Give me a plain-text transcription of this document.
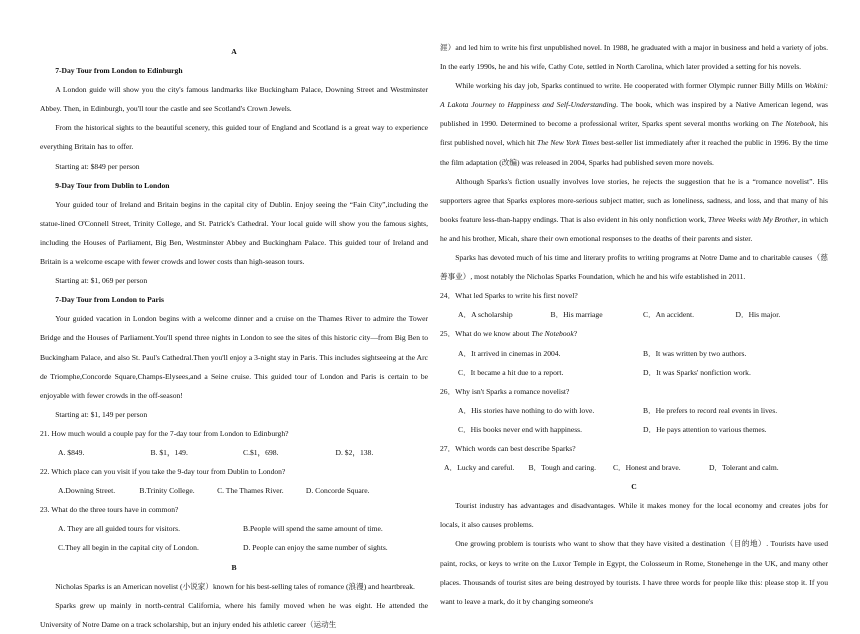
A

7-Day Tour from London to Edinburgh

A London guide will show you the city's famous landmarks like Buckingham Palace, Downing Street and Westminster Abbey. Then, in Edinburgh, you'll tour the castle and see Scotland's Crown Jewels.

From the historical sights to the beautiful scenery, this guided tour of England and Scotland is a great way to experience everything Britain has to offer.

Starting at: $849 per person

9-Day Tour from Dublin to London

Your guided tour of Ireland and Britain begins in the capital city of Dublin. Enjoy seeing the “Fain City”,including the statue-lined O'Connell Street, Trinity College, and St. Patrick's Cathedral. Your local guide will show you the famous sights, including the Houses of Parliament, Big Ben, Westminster Abbey and Buckingham Palace. This guided tour of Ireland and Britain is a welcome escape with fewer crowds and lower costs than high-season tours.

Starting at: $1, 069 per person

7-Day Tour from London to Paris

Your guided vacation in London begins with a welcome dinner and a cruise on the Thames River to admire the Tower Bridge and the Houses of Parliament.You'll spend three nights in London to see the sites of this historic city—from Big Ben to Buckingham Palace, and also St. Paul's Cathedral.Then you'll enjoy a 3-night stay in Paris. This includes sightseeing at the Arc de Triomphe,Concorde Square,Champs-Elysees,and a Seine cruise. This guided tour of London and Paris is certain to be enjoyable with fewer crowds in the off-season!

Starting at: $1, 149 per person

21. How much would a couple pay for the 7-day tour from London to Edinburgh?

A. $849.	B. $1，149.	C.$1，698.	D. $2，138.

22. Which place can you visit if you take the 9-day tour from Dublin to London?

A.Downing Street.	B.Trinity College.	C. The Thames River.	D. Concorde Square.

23. What do the three tours have in common?

A. They are all guided tours for visitors.	B.People will spend the same amount of time.
C.They all begin in the capital city of London.	D. People can enjoy the same number of sights.

B

Nicholas Sparks is an American novelist (小说家）known for his best-selling tales of romance (浪漫) and heartbreak.

Sparks grew up mainly in north-central California, where his family moved when he was eight. He attended the University of Notre Dame on a track scholarship, but an injury ended his athletic career（运动生

涯）and led him to write his first unpublished novel. In 1988, he graduated with a major in business and held a variety of jobs. In the early 1990s, he and his wife, Cathy Cote, settled in North Carolina, which later provided a setting for his novels.

While working his day job, Sparks continued to write. He cooperated with former Olympic runner Billy Mills on Wokini: A Lakota Journey to Happiness and Self-Understanding. The book, which was inspired by a Native American legend, was published in 1990. Determined to become a professional writer, Sparks spent several months working on The Notebook, his first published novel, which hit The New York Times best-seller list immediately after it reached the public in 1996. By the time the film adaptation (改编) was released in 2004, Sparks had published seven more novels.

Although Sparks's fiction usually involves love stories, he rejects the suggestion that he is a “romance novelist”. His supporters agree that Sparks explores more-serious subject matter, such as loneliness, sadness, and loss, and that many of his books feature less-than-happy endings. That is also evident in his only nonfiction work, Three Weeks with My Brother, in which he and his brother, Micah, share their own emotional responses to the deaths of their parents and sister.

Sparks has devoted much of his time and literary profits to writing programs at Notre Dame and to charitable causes（慈善事业）, most notably the Nicholas Sparks Foundation, which he and his wife established in 2011.

24．What led Sparks to write his first novel?

A．A scholarship	B．His marriage	C．An accident.	D．His major.

25．What do we know about The Notebook?

A．It arrived in cinemas in 2004.	B．It was written by two authors.
C．It became a hit due to a report.	D．It was Sparks' nonfiction work.

26．Why isn't Sparks a romance novelist?

A．His stories have nothing to do with love.	B．He prefers to record real events in lives.
C．His books never end with happiness.	D．He pays attention to various themes.

27．Which words can best describe Sparks?

A．Lucky and careful.	B．Tough and caring.	C．Honest and brave.	D．Tolerant and calm.

C

Tourist industry has advantages and disadvantages. While it makes money for the local economy and creates jobs for locals, it also causes problems.

One growing problem is tourists who want to show that they have visited a destination（目的地）. Tourists have used paint, rocks, or keys to write on the Luxor Temple in Egypt, the Colosseum in Rome, Stonehenge in the UK, and many other places. Thousands of tourist sites are being destroyed by tourists. I have three words for people like this: please stop it. If you want to leave a mark, do it by changing someone's
